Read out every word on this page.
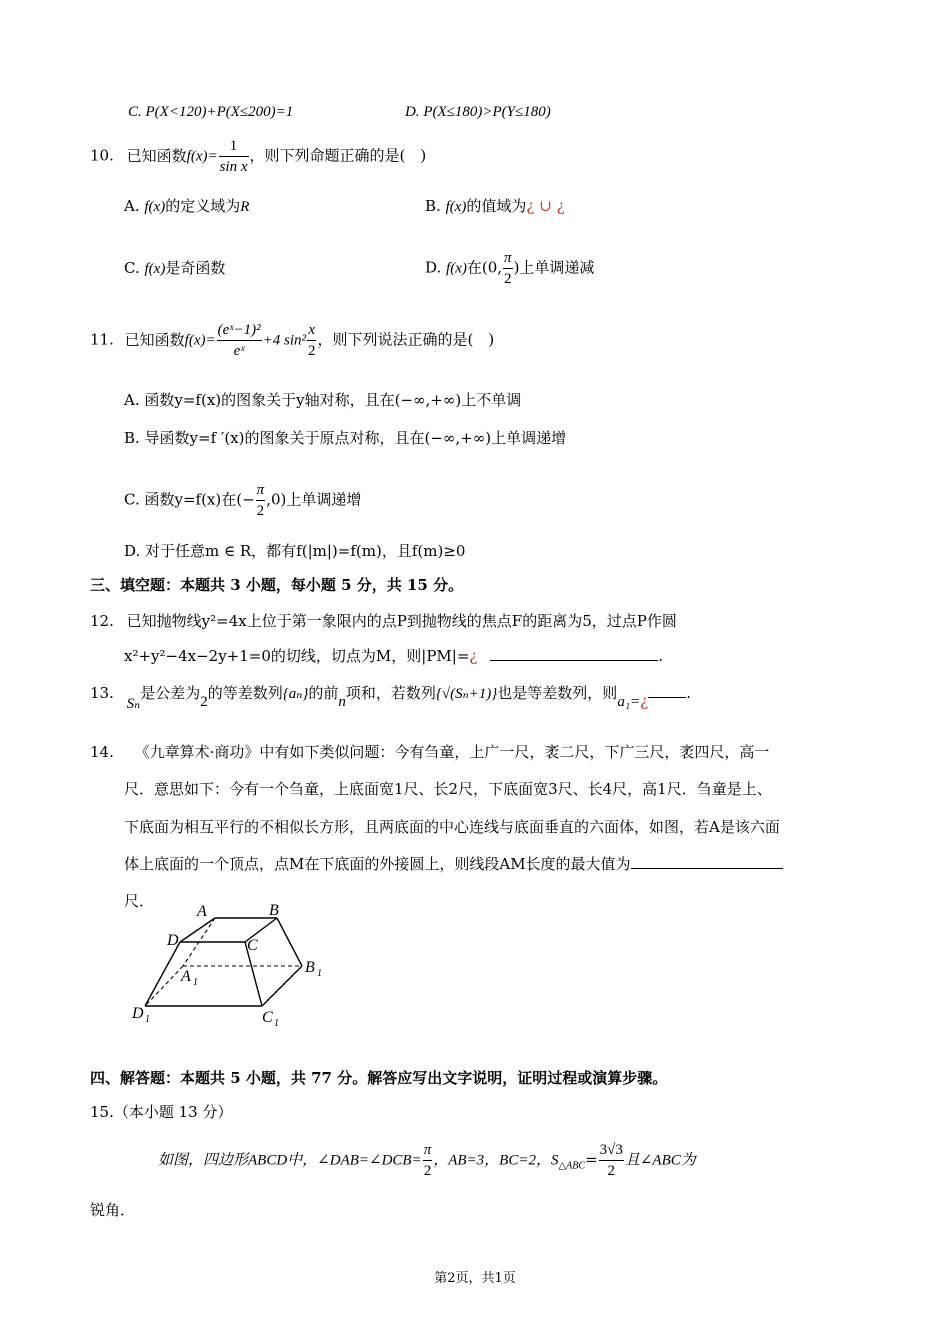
C. P(X<120)+P(X≤200)=1	D. P(X≤180)>P(Y≤180)
10. 已知函数$f(x)= \frac{1}{\text{sin x}}$ ，则下列命题正确的是(　)
A. f(x)的定义域为R	B. f(x)的值域为¿ ∪ ¿
C. f(x)是奇函数	D. f(x)在(0, $\frac{\pi}{2}$ )上单调递减
11. 已知函数$f(x)= \frac{\text{(eˣ−1)²}}{\text{eˣ}} +4$ $\sin^2 \frac{x}{2}$ ，则下列说法正确的是(　)
A. 函数y=f(x)的图象关于y轴对称，且在(−∞,+∞)上不单调
B. 导函数y=f ′(x)的图象关于原点对称，且在(−∞,+∞)上单调递增
C. 函数y=f(x)在(− $\frac{\pi}{2} ,0$)上单调递增
D. 对于任意m ∈ R，都有f(|m|)=f(m)，且f(m)≥0
三、填空题：本题共 3 小题，每小题 5 分，共 15 分。
12. 已知抛物线y²=4x上位于第一象限内的点P到抛物线的焦点F的距离为5，过点P作圆
x²+y²−4x−2y+1=0的切线，切点为M，则|PM|=¿	.
13. Sₙ是公差为2的等差数列{aₙ}的前n项和，若数列{√(Sₙ+1)}也是等差数列，则a₁=¿	.
14. 《九章算术·商功》中有如下类似问题：今有刍童，上广一尺，袤二尺，下广三尺，袤四尺，高一
尺．意思如下：今有一个刍童，上底面宽1尺、长2尺，下底面宽3尺、长4尺，高1尺．刍童是上、
下底面为相互平行的不相似长方形，且两底面的中心连线与底面垂直的六面体，如图，若A是该六面
体上底面的一个顶点，点M在下底面的外接圆上，则线段AM长度的最大值为
尺．
A	B
C
D
A 1
B 1
C 1
D 1
四、解答题：本题共 5 小题，共 77 分。解答应写出文字说明，证明过程或演算步骤。
15.（本小题 13 分）
如图，四边形ABCD中，∠DAB=∠DCB= $\frac{\pi}{2}$ ，AB=3，BC=2，$S_{\triangle ABC}= \frac{3√3}{2}$ 且∠ABC为
锐角．
第2页，共1页
